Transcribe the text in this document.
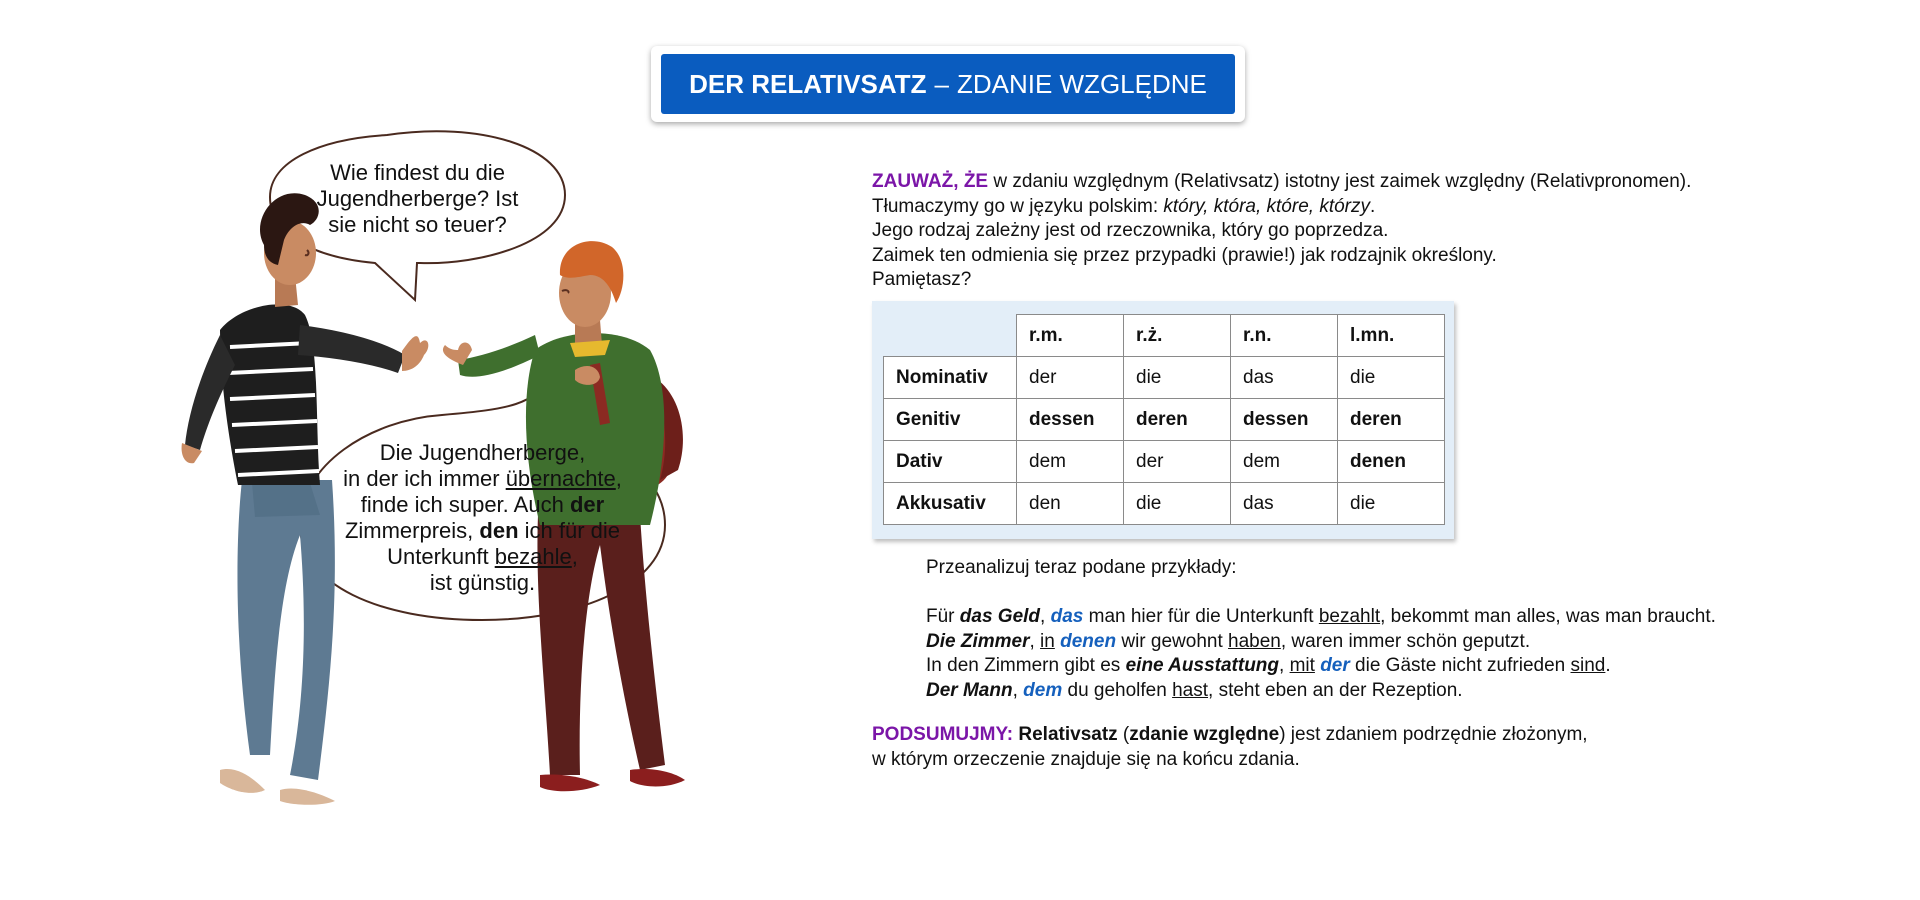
DER RELATIVSATZ – ZDANIE WZGLĘDNE
Wie findest du die
Jugendherberge? Ist
sie nicht so teuer?
Die Jugendherberge,
in der ich immer übernachte,
finde ich super. Auch der
Zimmerpreis, den ich für die
Unterkunft bezahle,
ist günstig.

ZAUWAŻ, ŻE w zdaniu względnym (Relativsatz) istotny jest zaimek względny (Relativpronomen).

Tłumaczymy go w języku polskim: który, która, które, którzy.

Jego rodzaj zależny jest od rzeczownika, który go poprzedza.

Zaimek ten odmienia się przez przypadki (prawie!) jak rodzajnik określony.

Pamiętasz?

	r.m.	r.ż.	r.n.	l.mn.
Nominativ	der	die	das	die
Genitiv	dessen	deren	dessen	deren
Dativ	dem	der	dem	denen
Akkusativ	den	die	das	die

Przeanalizuj teraz podane przykłady:

Für das Geld, das man hier für die Unterkunft bezahlt, bekommt man alles, was man braucht.

Die Zimmer, in denen wir gewohnt haben, waren immer schön geputzt.

In den Zimmern gibt es eine Ausstattung, mit der die Gäste nicht zufrieden sind.

Der Mann, dem du geholfen hast, steht eben an der Rezeption.

PODSUMUJMY: Relativsatz (zdanie względne) jest zdaniem podrzędnie złożonym,

w którym orzeczenie znajduje się na końcu zdania.
